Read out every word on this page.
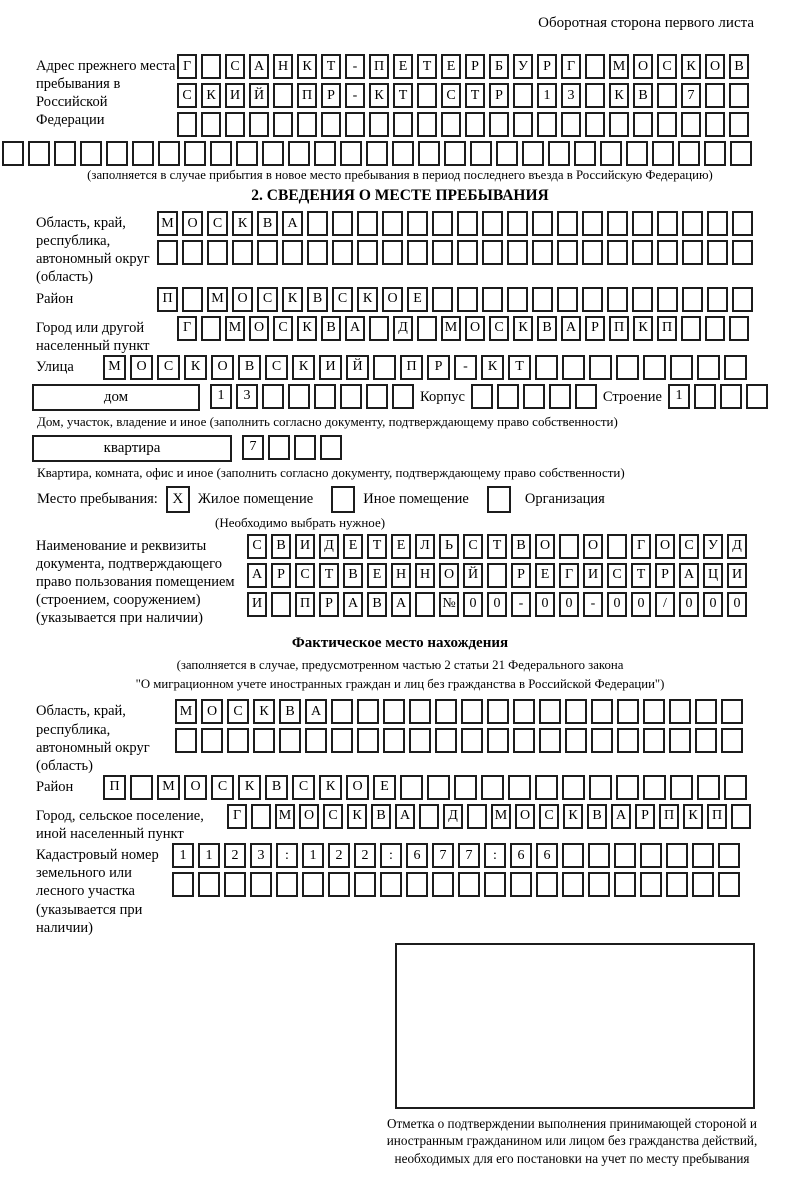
Оборотная сторона первого листа
Адрес прежнего места пребывания в Российской Федерации
Г	С	А Н	К	Т	-	П	Е	Т	Е	Р	Б	У	Р	Г	М О	С	К	О	В
С	К	И Й	П	Р	-	К	Т	С	Т	Р	1	3	К	В	7
(заполняется в случае прибытия в новое место пребывания в период последнего въезда в Российскую Федерацию)
2. СВЕДЕНИЯ О МЕСТЕ ПРЕБЫВАНИЯ
Область, край, республика, автономный округ (область)
М О	С	К	В	А
Район	П	М О	С	К	В	С	К	О	Е
Город или другой населенный пункт
Г	М О	С	К	В	А	Д	М О	С	К	В	А	Р	П	К	П
Улица	М	О	С	К	О	В	С	К	И	Й	П	Р	-	К	Т
дом	1	3	Корпус	Строение 1
Дом, участок, владение и иное (заполнить согласно документу, подтверждающему право собственности)
квартира	7
Квартира, комната, офис и иное (заполнить согласно документу, подтверждающему право собственности)
Место пребывания: X Жилое помещение	Иное помещение	Организация
(Необходимо выбрать нужное)
Наименование и реквизиты документа, подтверждающего право пользования помещением (строением, сооружением) (указывается при наличии)
С	В	И	Д	Е	Т	Е	Л	Ь	С	Т	В	О	О	Г	О	С	У	Д
А	Р	С	Т	В	Е	Н Н О Й	Р	Е	Г	И	С	Т	Р	А Ц И
И	П	Р	А	В	А	№ 0	0	-	0	0	-	0	0	/	0	0	0
Фактическое место нахождения
(заполняется в случае, предусмотренном частью 2 статьи 21 Федерального закона
"О миграционном учете иностранных граждан и лиц без гражданства в Российской Федерации")
Область, край, республика, автономный округ (область)
М	О	С	К	В	А
Район	П	М	О	С	К	В	С	К	О	Е
Город, сельское поселение, иной населенный пункт
Г	М О	С	К	В	А	Д	М О	С	К	В	А	Р	П	К	П
Кадастровый номер земельного или лесного участка (указывается при наличии)
1	1	2	3	:	1	2	2	:	6	7	7	:	6	6
Отметка о подтверждении выполнения принимающей стороной и иностранным гражданином или лицом без гражданства действий, необходимых для его постановки на учет по месту пребывания
